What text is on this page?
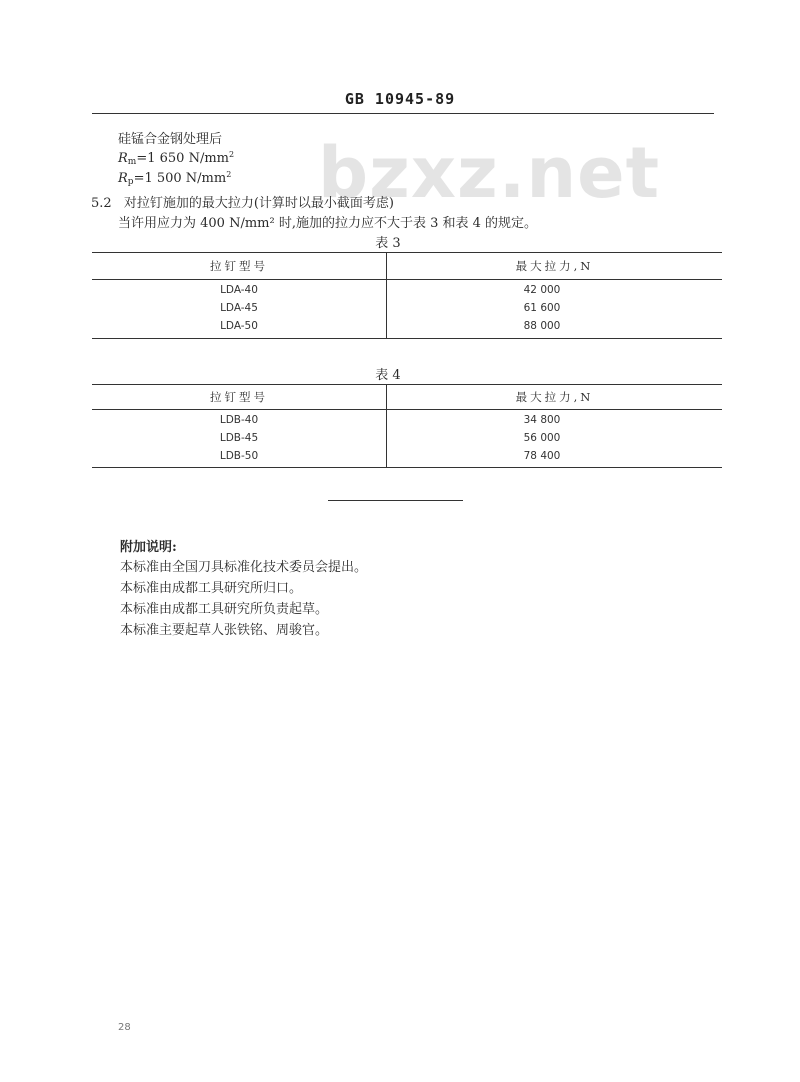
GB 10945-89
bzxz.net
硅锰合金钢处理后
$R_m=1$ 650 $N/mm^2$
$R_p=1$ 500 $N/mm^2$
5.2 对拉钉施加的最大拉力(计算时以最小截面考虑)
当许用应力为 400 N/mm² 时,施加的拉力应不大于表 3 和表 4 的规定。
表 3
拉钉型号	最大拉力,N
LDA-40	42 000
LDA-45	61 600
LDA-50	88 000
表 4
拉钉型号	最大拉力,N
LDB-40	34 800
LDB-45	56 000
LDB-50	78 400
附加说明:
本标准由全国刀具标准化技术委员会提出。
本标准由成都工具研究所归口。
本标准由成都工具研究所负责起草。
本标准主要起草人张铁铭、周骏官。
28
